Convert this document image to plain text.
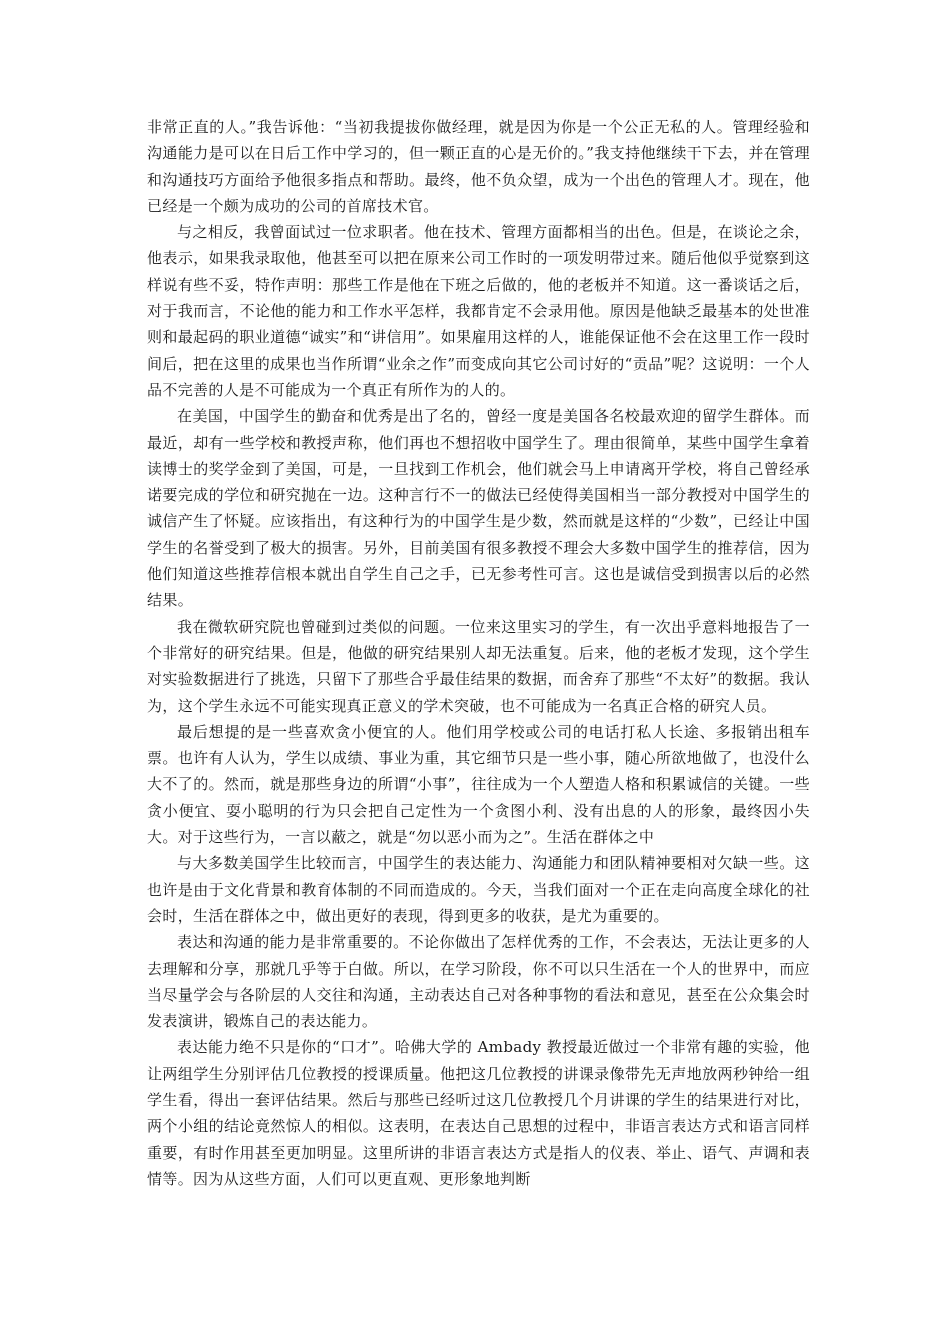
非常正直的人。”我告诉他：“当初我提拔你做经理，就是因为你是一个公正无私的人。管理经验和沟通能力是可以在日后工作中学习的，但一颗正直的心是无价的。”我支持他继续干下去，并在管理和沟通技巧方面给予他很多指点和帮助。最终，他不负众望，成为一个出色的管理人才。现在，他已经是一个颇为成功的公司的首席技术官。

与之相反，我曾面试过一位求职者。他在技术、管理方面都相当的出色。但是，在谈论之余，他表示，如果我录取他，他甚至可以把在原来公司工作时的一项发明带过来。随后他似乎觉察到这样说有些不妥，特作声明：那些工作是他在下班之后做的，他的老板并不知道。这一番谈话之后，对于我而言，不论他的能力和工作水平怎样，我都肯定不会录用他。原因是他缺乏最基本的处世准则和最起码的职业道德“诚实”和“讲信用”。如果雇用这样的人，谁能保证他不会在这里工作一段时间后，把在这里的成果也当作所谓“业余之作”而变成向其它公司讨好的“贡品”呢？这说明：一个人品不完善的人是不可能成为一个真正有所作为的人的。

在美国，中国学生的勤奋和优秀是出了名的，曾经一度是美国各名校最欢迎的留学生群体。而最近，却有一些学校和教授声称，他们再也不想招收中国学生了。理由很简单，某些中国学生拿着读博士的奖学金到了美国，可是，一旦找到工作机会，他们就会马上申请离开学校，将自己曾经承诺要完成的学位和研究抛在一边。这种言行不一的做法已经使得美国相当一部分教授对中国学生的诚信产生了怀疑。应该指出，有这种行为的中国学生是少数，然而就是这样的“少数”，已经让中国学生的名誉受到了极大的损害。另外，目前美国有很多教授不理会大多数中国学生的推荐信，因为他们知道这些推荐信根本就出自学生自己之手，已无参考性可言。这也是诚信受到损害以后的必然结果。

我在微软研究院也曾碰到过类似的问题。一位来这里实习的学生，有一次出乎意料地报告了一个非常好的研究结果。但是，他做的研究结果别人却无法重复。后来，他的老板才发现，这个学生对实验数据进行了挑选，只留下了那些合乎最佳结果的数据，而舍弃了那些“不太好”的数据。我认为，这个学生永远不可能实现真正意义的学术突破，也不可能成为一名真正合格的研究人员。

最后想提的是一些喜欢贪小便宜的人。他们用学校或公司的电话打私人长途、多报销出租车票。也许有人认为，学生以成绩、事业为重，其它细节只是一些小事，随心所欲地做了，也没什么大不了的。然而，就是那些身边的所谓“小事”，往往成为一个人塑造人格和积累诚信的关键。一些贪小便宜、耍小聪明的行为只会把自己定性为一个贪图小利、没有出息的人的形象，最终因小失大。对于这些行为，一言以蔽之，就是“勿以恶小而为之”。生活在群体之中

与大多数美国学生比较而言，中国学生的表达能力、沟通能力和团队精神要相对欠缺一些。这也许是由于文化背景和教育体制的不同而造成的。今天，当我们面对一个正在走向高度全球化的社会时，生活在群体之中，做出更好的表现，得到更多的收获，是尤为重要的。

表达和沟通的能力是非常重要的。不论你做出了怎样优秀的工作，不会表达，无法让更多的人去理解和分享，那就几乎等于白做。所以，在学习阶段，你不可以只生活在一个人的世界中，而应当尽量学会与各阶层的人交往和沟通，主动表达自己对各种事物的看法和意见，甚至在公众集会时发表演讲，锻炼自己的表达能力。

表达能力绝不只是你的“口才”。哈佛大学的 Ambady 教授最近做过一个非常有趣的实验，他让两组学生分别评估几位教授的授课质量。他把这几位教授的讲课录像带先无声地放两秒钟给一组学生看，得出一套评估结果。然后与那些已经听过这几位教授几个月讲课的学生的结果进行对比，两个小组的结论竟然惊人的相似。这表明，在表达自己思想的过程中，非语言表达方式和语言同样重要，有时作用甚至更加明显。这里所讲的非语言表达方式是指人的仪表、举止、语气、声调和表情等。因为从这些方面，人们可以更直观、更形象地判断
